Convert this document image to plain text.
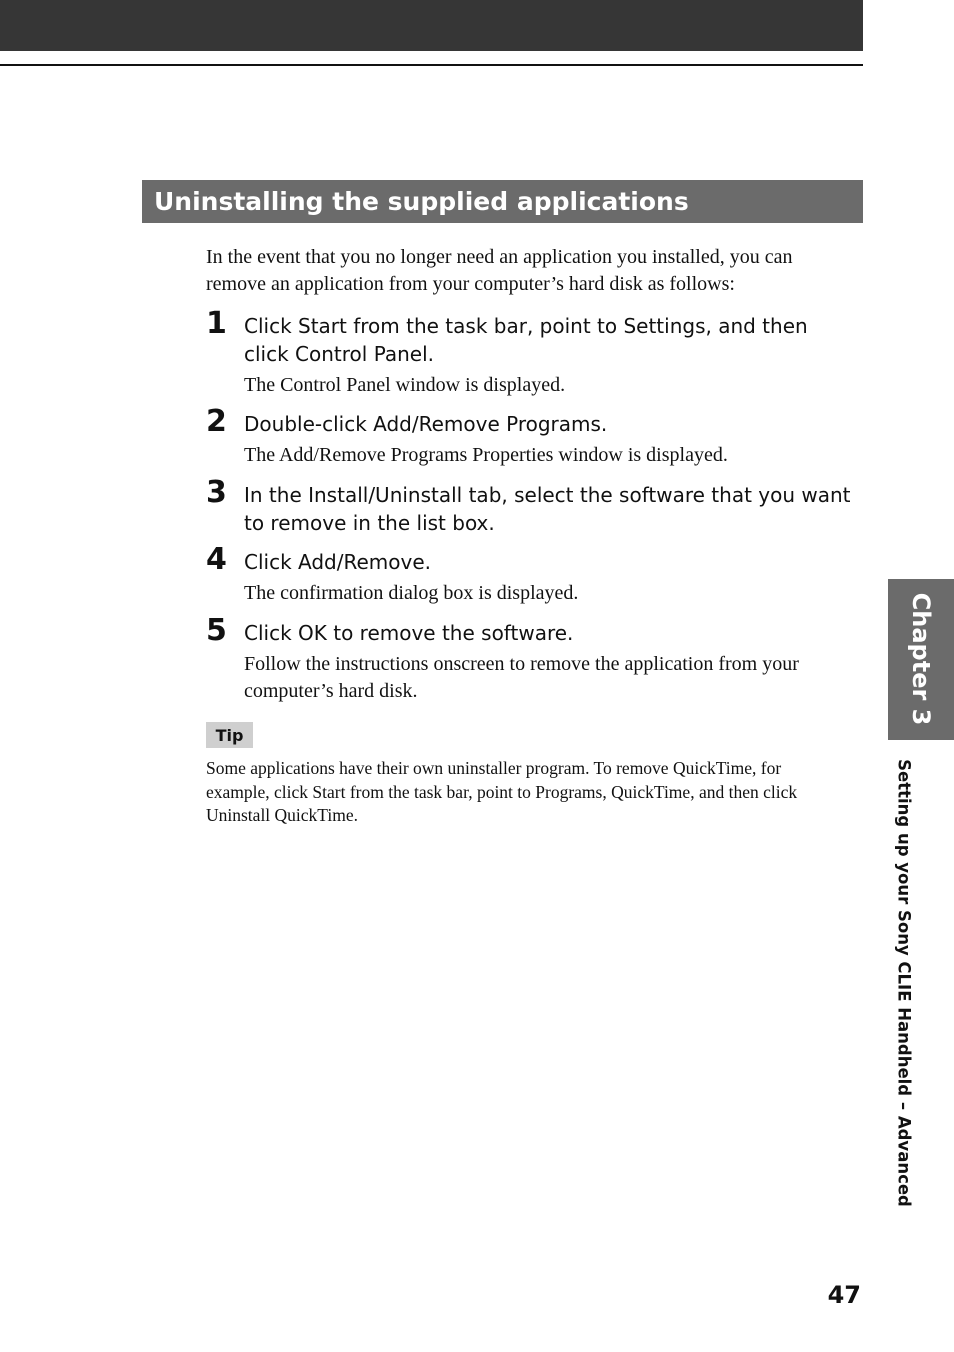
Uninstalling the supplied applications

In the event that you no longer need an application you installed, you can remove an application from your computer’s hard disk as follows:

1 Click Start from the task bar, point to Settings, and then click Control Panel.

The Control Panel window is displayed.

2 Double-click Add/Remove Programs.

The Add/Remove Programs Properties window is displayed.

3 In the Install/Uninstall tab, select the software that you want to remove in the list box.

4 Click Add/Remove.

The confirmation dialog box is displayed.

5 Click OK to remove the software.

Follow the instructions onscreen to remove the application from your computer’s hard disk.

Tip

Some applications have their own uninstaller program. To remove QuickTime, for example, click Start from the task bar, point to Programs, QuickTime, and then click Uninstall QuickTime.

Chapter 3
Setting up your Sony CLIE Handheld – Advanced
47
